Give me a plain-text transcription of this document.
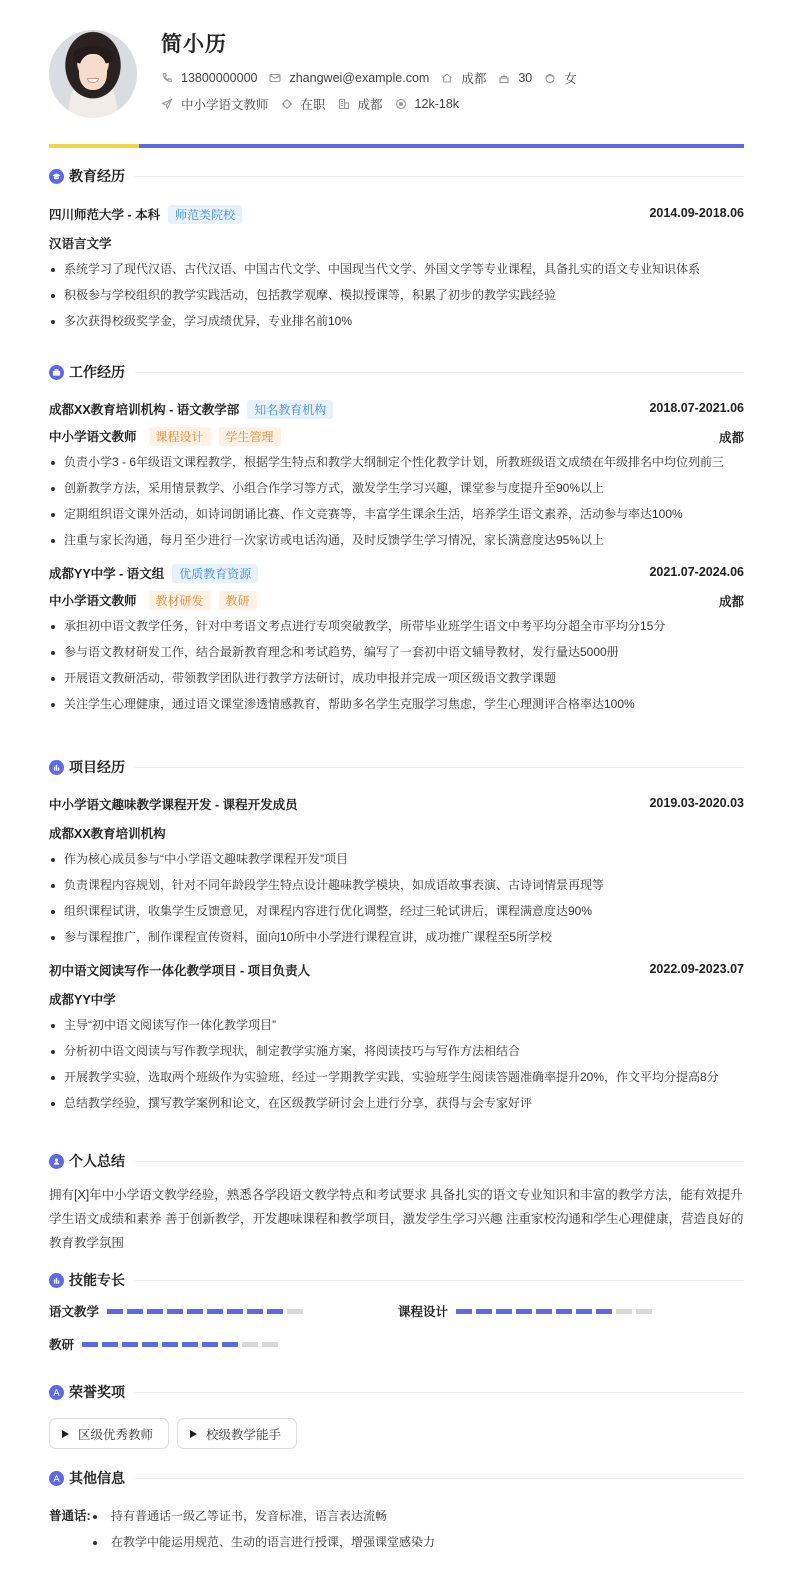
简小历
13800000000	zhangwei@example.com	成都	30	女
中小学语文教师	在职	成都	12k-18k
教育经历
四川师范大学 - 本科	师范类院校	2014.09-2018.06
汉语言文学
系统学习了现代汉语、古代汉语、中国古代文学、中国现当代文学、外国文学等专业课程，具备扎实的语文专业知识体系
积极参与学校组织的教学实践活动，包括教学观摩、模拟授课等，积累了初步的教学实践经验
多次获得校级奖学金，学习成绩优异，专业排名前10%
工作经历
成都XX教育培训机构 - 语文教学部	知名教育机构	2018.07-2021.06
中小学语文教师	课程设计	学生管理	成都
负责小学3 - 6年级语文课程教学，根据学生特点和教学大纲制定个性化教学计划，所教班级语文成绩在年级排名中均位列前三
创新教学方法，采用情景教学、小组合作学习等方式，激发学生学习兴趣，课堂参与度提升至90%以上
定期组织语文课外活动，如诗词朗诵比赛、作文竞赛等，丰富学生课余生活，培养学生语文素养，活动参与率达100%
注重与家长沟通，每月至少进行一次家访或电话沟通，及时反馈学生学习情况，家长满意度达95%以上
成都YY中学 - 语文组	优质教育资源	2021.07-2024.06
中小学语文教师	教材研发	教研	成都
承担初中语文教学任务，针对中考语文考点进行专项突破教学，所带毕业班学生语文中考平均分超全市平均分15分
参与语文教材研发工作，结合最新教育理念和考试趋势，编写了一套初中语文辅导教材，发行量达5000册
开展语文教研活动，带领教学团队进行教学方法研讨，成功申报并完成一项区级语文教学课题
关注学生心理健康，通过语文课堂渗透情感教育，帮助多名学生克服学习焦虑，学生心理测评合格率达100%
项目经历
中小学语文趣味教学课程开发 - 课程开发成员	2019.03-2020.03
成都XX教育培训机构
作为核心成员参与“中小学语文趣味教学课程开发”项目
负责课程内容规划，针对不同年龄段学生特点设计趣味教学模块，如成语故事表演、古诗词情景再现等
组织课程试讲，收集学生反馈意见，对课程内容进行优化调整，经过三轮试讲后，课程满意度达90%
参与课程推广，制作课程宣传资料，面向10所中小学进行课程宣讲，成功推广课程至5所学校
初中语文阅读写作一体化教学项目 - 项目负责人	2022.09-2023.07
成都YY中学
主导“初中语文阅读写作一体化教学项目”
分析初中语文阅读与写作教学现状，制定教学实施方案，将阅读技巧与写作方法相结合
开展教学实验，选取两个班级作为实验班，经过一学期教学实践，实验班学生阅读答题准确率提升20%，作文平均分提高8分
总结教学经验，撰写教学案例和论文，在区级教学研讨会上进行分享，获得与会专家好评
个人总结
拥有[X]年中小学语文教学经验，熟悉各学段语文教学特点和考试要求 具备扎实的语文专业知识和丰富的教学方法，能有效提升学生语文成绩和素养 善于创新教学，开发趣味课程和教学项目，激发学生学习兴趣 注重家校沟通和学生心理健康，营造良好的教育教学氛围
技能专长
语文教学	课程设计
教研
荣誉奖项
区级优秀教师	校级教学能手
其他信息
普通话:	持有普通话一级乙等证书，发音标准，语言表达流畅
在教学中能运用规范、生动的语言进行授课，增强课堂感染力
